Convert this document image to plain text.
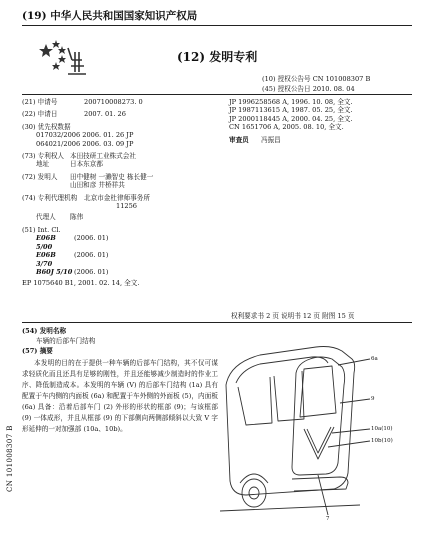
(19) 中华人民共和国国家知识产权局
(12) 发明专利
(10) 授权公告号 CN 101008307 B
(45) 授权公告日 2010. 08. 04
(21) 申请号	200710008273. 0
(22) 申请日	2007. 01. 26
(30) 优先权数据
017032/2006 2006. 01. 26 JP
064021/2006 2006. 03. 09 JP
(73) 专利权人 本田技研工业株式会社
地址	日本东京都
(72) 发明人	田中健树 一濑智史 栋长健一
山田和彦 井桥祥共
(74) 专利代理机构	北京市金杜律师事务所
11256
代理人	陈伟
(51) Int. Cl.
E06B 5/00
(2006. 01)
E06B 3/70
(2006. 01)
B60J 5/10 (2006. 01)
EP 1075640 B1, 2001. 02. 14, 全文.
JP 1996258568 A, 1996. 10. 08, 全文.
JP 1987113615 A, 1987. 05. 25, 全文.
JP 2000118445 A, 2000. 04. 25, 全文.
CN 1651706 A, 2005. 08. 10, 全文.
审查员	冯振昌
权利要求书 2 页 说明书 12 页 附图 15 页
(54) 发明名称
车辆的后部车门结构
(57) 摘要

本发明的目的在于提供一种车辆的后部车门结构，其不仅可谋求轻质化而且还具有足够的刚性，并且还能够减少制造时的作业工序、降低制造成本。本发明的车辆 (V) 的后部车门结构 (1a) 具有配置于车内侧的内面板 (6a) 和配置于车外侧的外面板 (5)，内面板 (6a) 具备：沿着后部车门 (2) 外形的形状的框部 (9)；与该框部 (9) 一体成形，并且从框部 (9) 的下部侧向两侧部倾斜以大致 V 字形延伸的一对加强部 (10a、10b)。

6a
10a(10)
10b(10)
9
7
CN 101008307 B
